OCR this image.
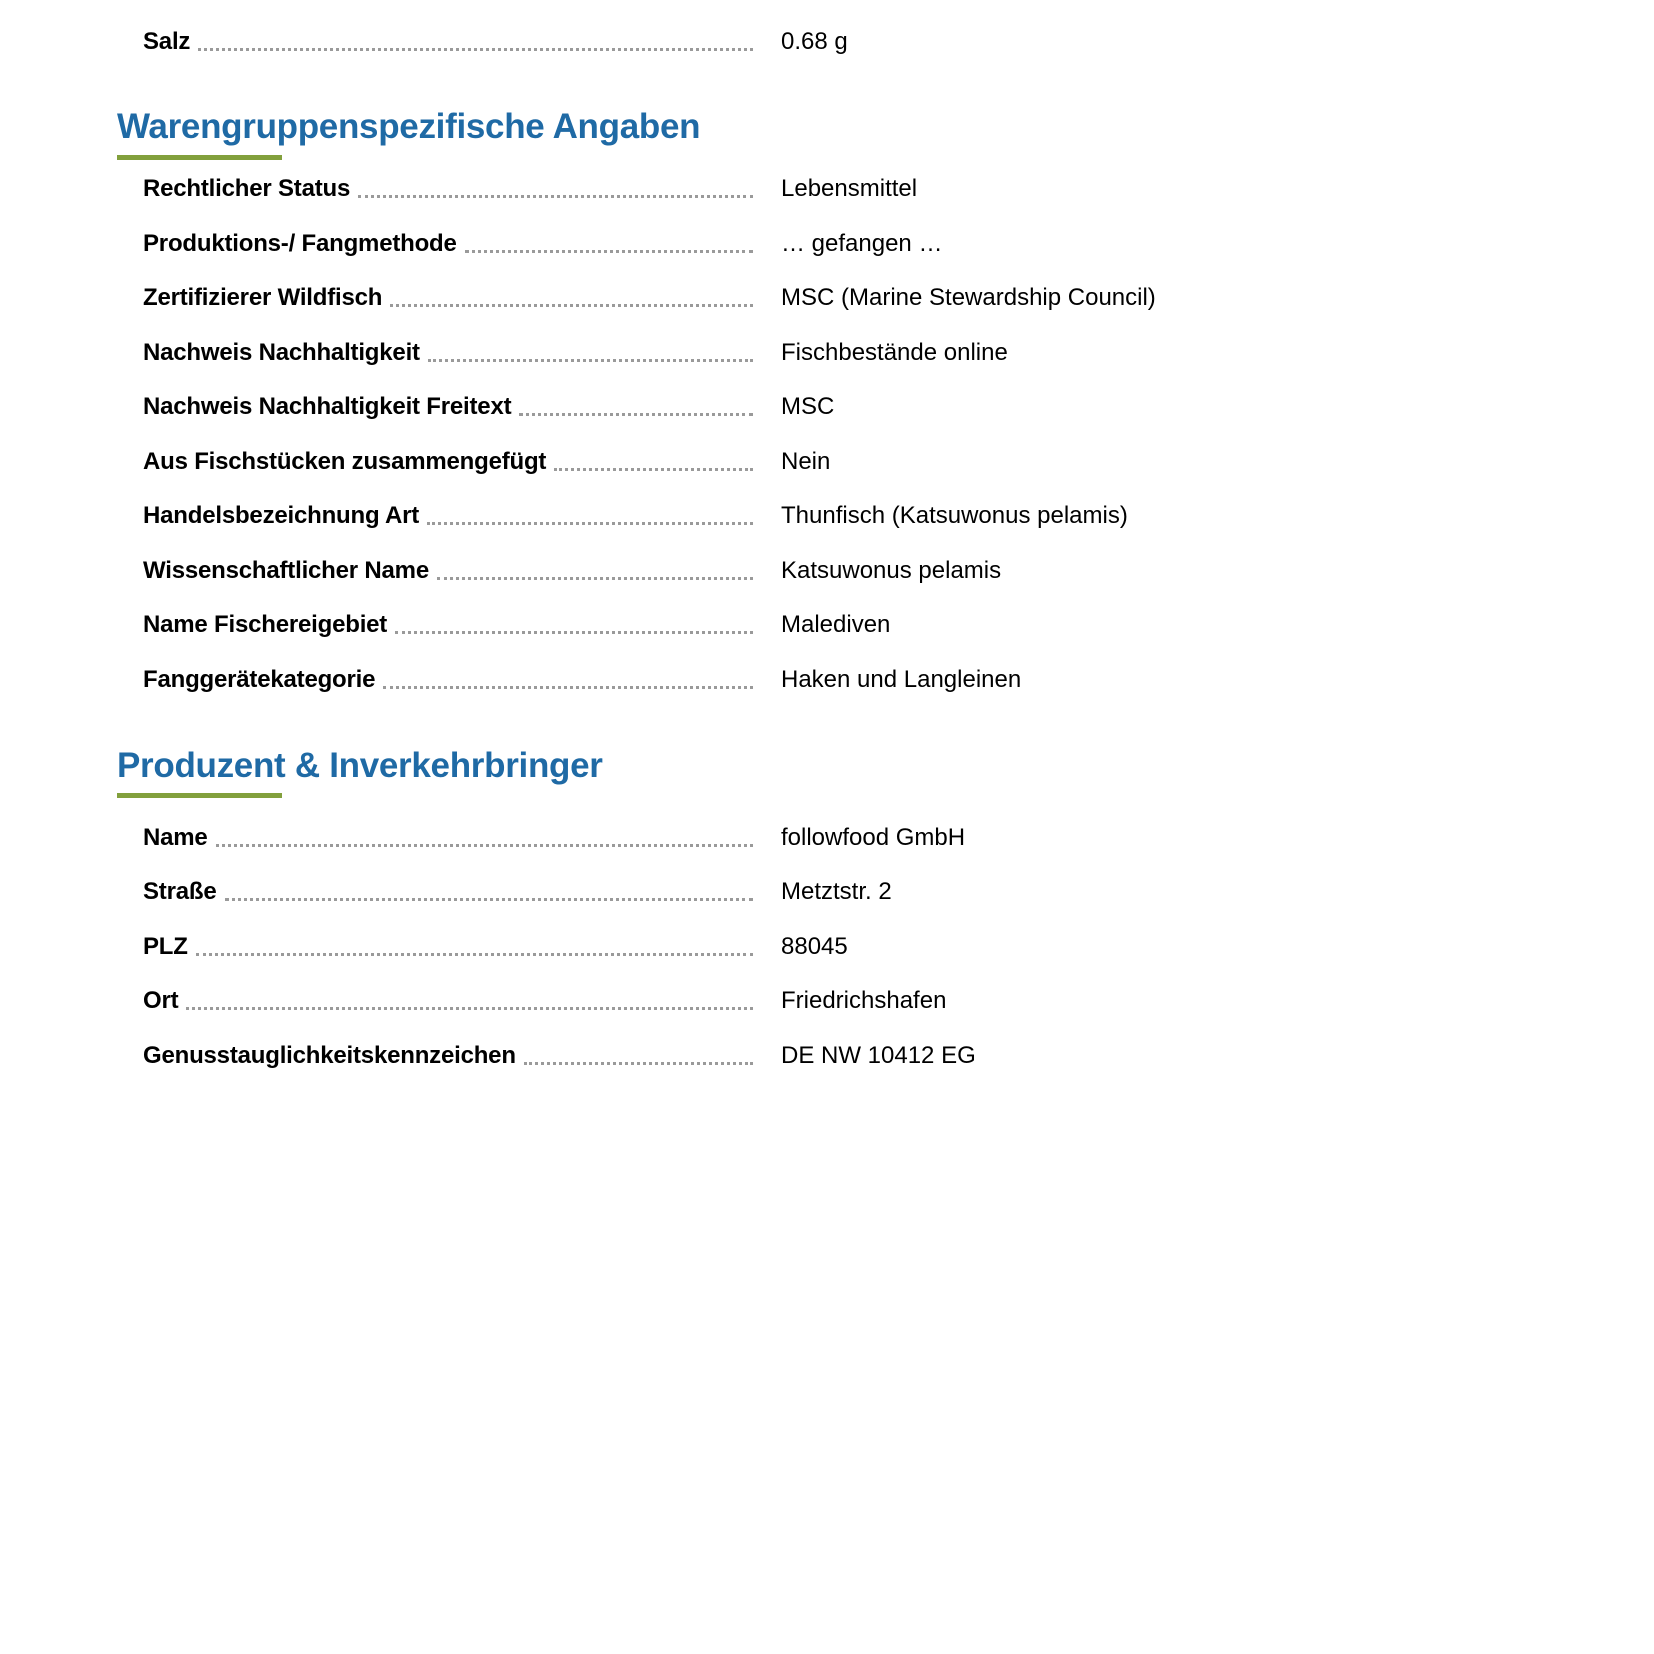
Salz	0.68 g
Warengruppenspezifische Angaben
Rechtlicher Status	Lebensmittel
Produktions-/ Fangmethode	… gefangen …
Zertifizierer Wildfisch	MSC (Marine Stewardship Council)
Nachweis Nachhaltigkeit	Fischbestände online
Nachweis Nachhaltigkeit Freitext	MSC
Aus Fischstücken zusammengefügt	Nein
Handelsbezeichnung Art	Thunfisch (Katsuwonus pelamis)
Wissenschaftlicher Name	Katsuwonus pelamis
Name Fischereigebiet	Malediven
Fanggerätekategorie	Haken und Langleinen
Produzent & Inverkehrbringer
Name	followfood GmbH
Straße	Metztstr. 2
PLZ	88045
Ort	Friedrichshafen
Genusstauglichkeitskennzeichen	DE NW 10412 EG
